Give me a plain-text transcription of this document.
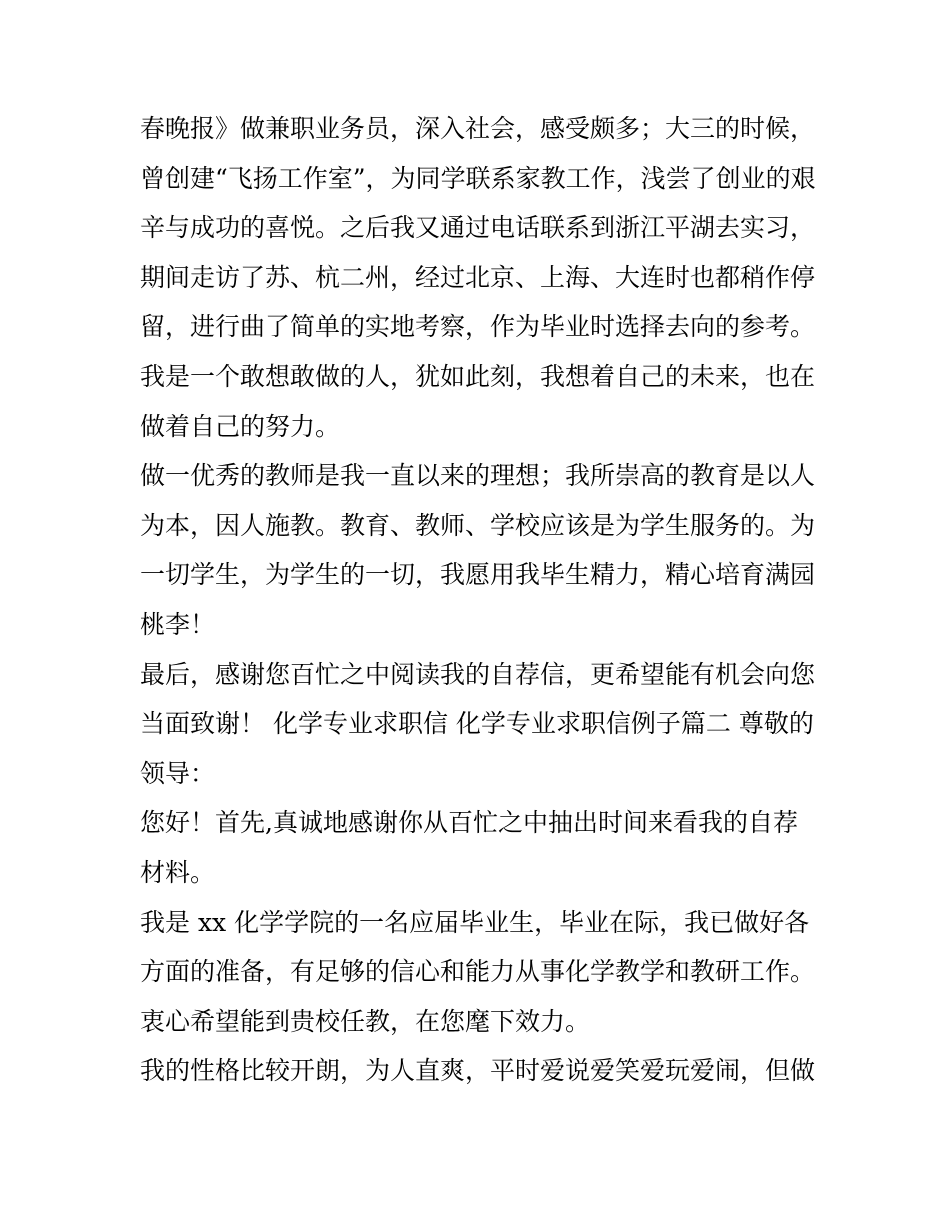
春晚报》做兼职业务员，深入社会，感受颇多；大三的时候，
曾创建“飞扬工作室”，为同学联系家教工作，浅尝了创业的艰
辛与成功的喜悦。之后我又通过电话联系到浙江平湖去实习，
期间走访了苏、杭二州，经过北京、上海、大连时也都稍作停
留，进行曲了简单的实地考察，作为毕业时选择去向的参考。
我是一个敢想敢做的人，犹如此刻，我想着自己的未来，也在
做着自己的努力。
做一优秀的教师是我一直以来的理想；我所崇高的教育是以人
为本，因人施教。教育、教师、学校应该是为学生服务的。为
一切学生，为学生的一切，我愿用我毕生精力，精心培育满园
桃李！
最后，感谢您百忙之中阅读我的自荐信，更希望能有机会向您
当面致谢！ 化学专业求职信 化学专业求职信例子篇二 尊敬的
领导：
您好！首先,真诚地感谢你从百忙之中抽出时间来看我的自荐
材料。
我是 xx 化学学院的一名应届毕业生，毕业在际，我已做好各
方面的准备，有足够的信心和能力从事化学教学和教研工作。
衷心希望能到贵校任教，在您麾下效力。
我的性格比较开朗，为人直爽，平时爱说爱笑爱玩爱闹，但做
